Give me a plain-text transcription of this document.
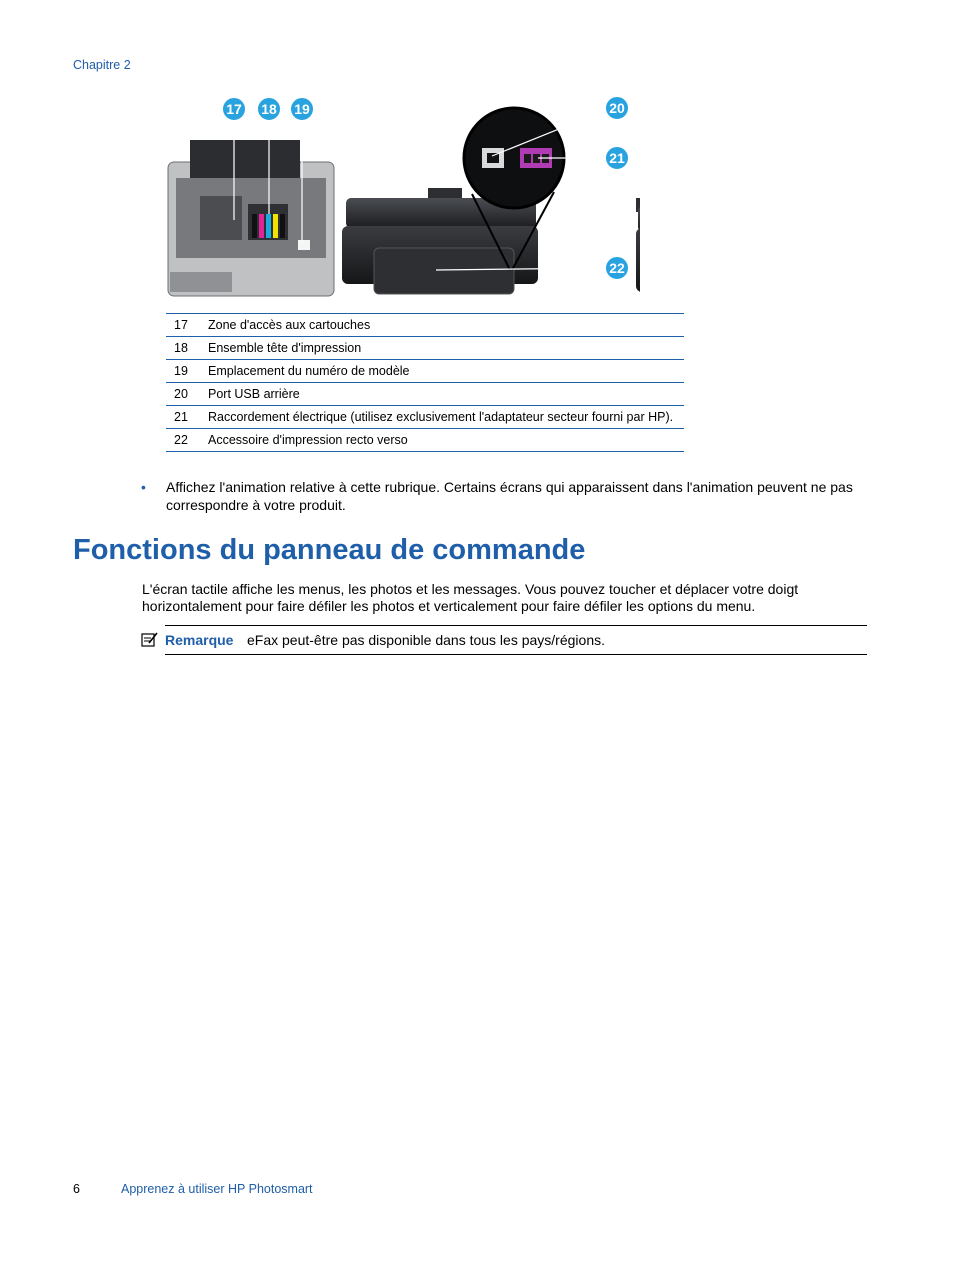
Chapitre 2
17 18 19	20
21
22
17	Zone d'accès aux cartouches
18	Ensemble tête d'impression
19	Emplacement du numéro de modèle
20	Port USB arrière
21	Raccordement électrique (utilisez exclusivement l'adaptateur secteur fourni par HP).
22	Accessoire d'impression recto verso
• Affichez l'animation relative à cette rubrique. Certains écrans qui apparaissent dans l'animation peuvent ne pas correspondre à votre produit.
Fonctions du panneau de commande
L'écran tactile affiche les menus, les photos et les messages. Vous pouvez toucher et déplacer votre doigt horizontalement pour faire défiler les photos et verticalement pour faire défiler les options du menu.
Remarque eFax peut-être pas disponible dans tous les pays/régions.
6	Apprenez à utiliser HP Photosmart
